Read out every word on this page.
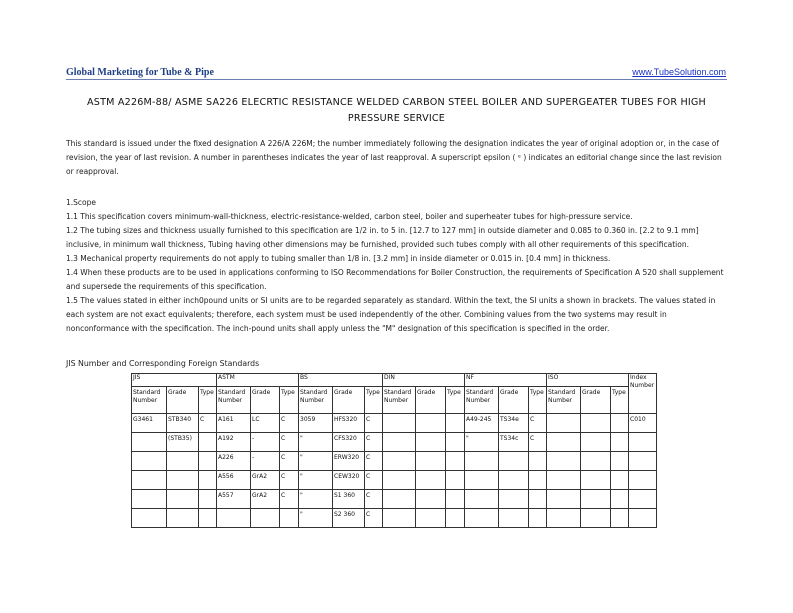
Global Marketing for Tube & Pipe	www.TubeSolution.com
ASTM A226M-88/ ASME SA226 ELECRTIC RESISTANCE WELDED CARBON STEEL BOILER AND SUPERGEATER TUBES FOR HIGH
PRESSURE SERVICE
This standard is issued under the fixed designation A 226/A 226M; the number immediately following the designation indicates the year of original adoption or, in the case of revision, the year of last revision. A number in parentheses indicates the year of last reapproval. A superscript epsilon ( ᵉ ) indicates an editorial change since the last revision or reapproval.
1.Scope
1.1 This specification covers minimum-wall-thickness, electric-resistance-welded, carbon steel, boiler and superheater tubes for high-pressure service.
1.2 The tubing sizes and thickness usually furnished to this specification are 1/2 in. to 5 in. [12.7 to 127 mm] in outside diameter and 0.085 to 0.360 in. [2.2 to 9.1 mm] inclusive, in minimum wall thickness, Tubing having other dimensions may be furnished, provided such tubes comply with all other requirements of this specification.
1.3 Mechanical property requirements do not apply to tubing smaller than 1/8 in. [3.2 mm] in inside diameter or 0.015 in. [0.4 mm] in thickness.
1.4 When these products are to be used in applications conforming to ISO Recommendations for Boiler Construction, the requirements of Specification A 520 shall supplement and supersede the requirements of this specification.
1.5 The values stated in either inch0pound units or SI units are to be regarded separately as standard. Within the text, the SI units a shown in brackets. The values stated in each system are not exact equivalents; therefore, each system must be used independently of the other. Combining values from the two systems may result in nonconformance with the specification. The inch-pound units shall apply unless the "M" designation of this specification is specified in the order.
JIS Number and Corresponding Foreign Standards
JIS			ASTM			BS			DIN			NF			ISO			Index Number
Standard Number	Grade	Type	Standard Number	Grade	Type	Standard Number	Grade	Type	Standard Number	Grade	Type	Standard Number	Grade	Type	Standard Number	Grade	Type	
G3461	STB340	C	A161	LC	C	3059	HFS320	C				A49-245	TS34e	C				C010
	(STB35)		A192	-	C	"	CFS320	C				"	TS34c	C				
			A226	-	C	"	ERW320	C										
			A556	GrA2	C	"	CEW320	C										
			A557	GrA2	C	"	S1 360	C										
						"	S2 360	C										
